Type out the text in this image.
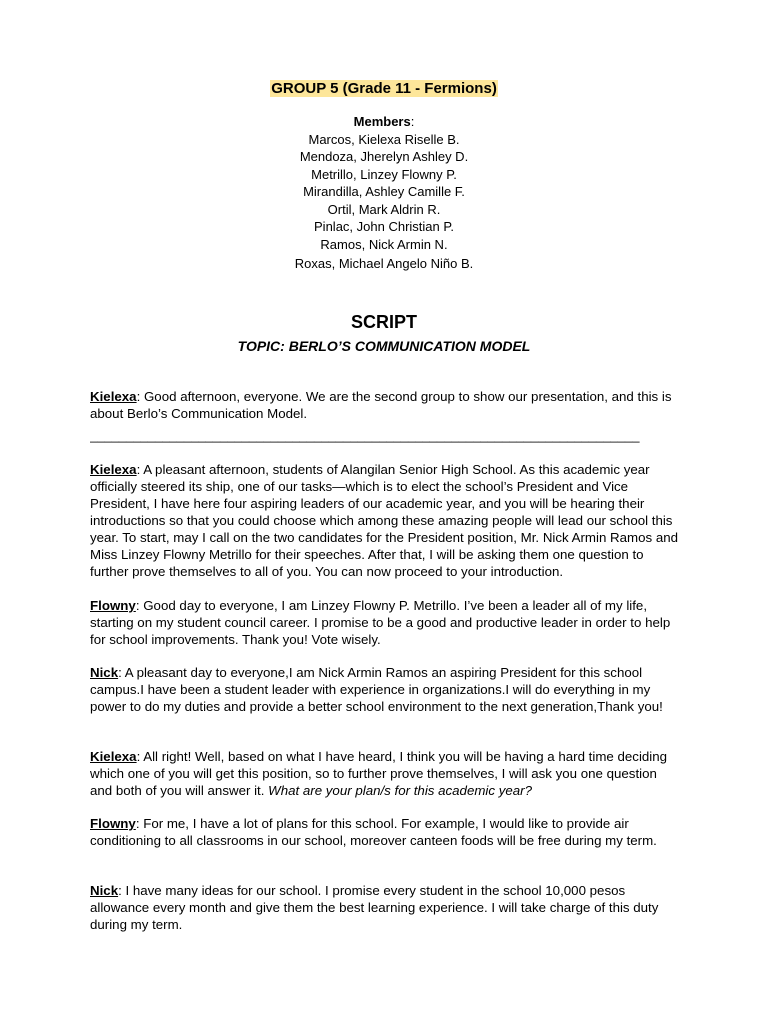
GROUP 5 (Grade 11 - Fermions)
Members:
Marcos, Kielexa Riselle B.
Mendoza, Jherelyn Ashley D.
Metrillo, Linzey Flowny P.
Mirandilla, Ashley Camille F.
Ortil, Mark Aldrin R.
Pinlac, John Christian P.
Ramos, Nick Armin N.
Roxas, Michael Angelo Niño B.
SCRIPT
TOPIC: BERLO’S COMMUNICATION MODEL
Kielexa: Good afternoon, everyone. We are the second group to show our presentation, and this is about Berlo’s Communication Model.
____________________________________________________________________________
Kielexa: A pleasant afternoon, students of Alangilan Senior High School. As this academic year officially steered its ship, one of our tasks—which is to elect the school’s President and Vice President, I have here four aspiring leaders of our academic year, and you will be hearing their introductions so that you could choose which among these amazing people will lead our school this year. To start, may I call on the two candidates for the President position, Mr. Nick Armin Ramos and Miss Linzey Flowny Metrillo for their speeches. After that, I will be asking them one question to further prove themselves to all of you. You can now proceed to your introduction.
Flowny: Good day to everyone, I am Linzey Flowny P. Metrillo. I’ve been a leader all of my life, starting on my student council career. I promise to be a good and productive leader in order to help for school improvements. Thank you! Vote wisely.
Nick: A pleasant day to everyone,I am Nick Armin Ramos an aspiring President for this school campus.I have been a student leader with experience in organizations.I will do everything in my power to do my duties and provide a better school environment to the next generation,Thank you!
Kielexa: All right! Well, based on what I have heard, I think you will be having a hard time deciding which one of you will get this position, so to further prove themselves, I will ask you one question and both of you will answer it. What are your plan/s for this academic year?
Flowny: For me, I have a lot of plans for this school. For example, I would like to provide air conditioning to all classrooms in our school, moreover canteen foods will be free during my term.
Nick: I have many ideas for our school. I promise every student in the school 10,000 pesos allowance every month and give them the best learning experience. I will take charge of this duty during my term.
